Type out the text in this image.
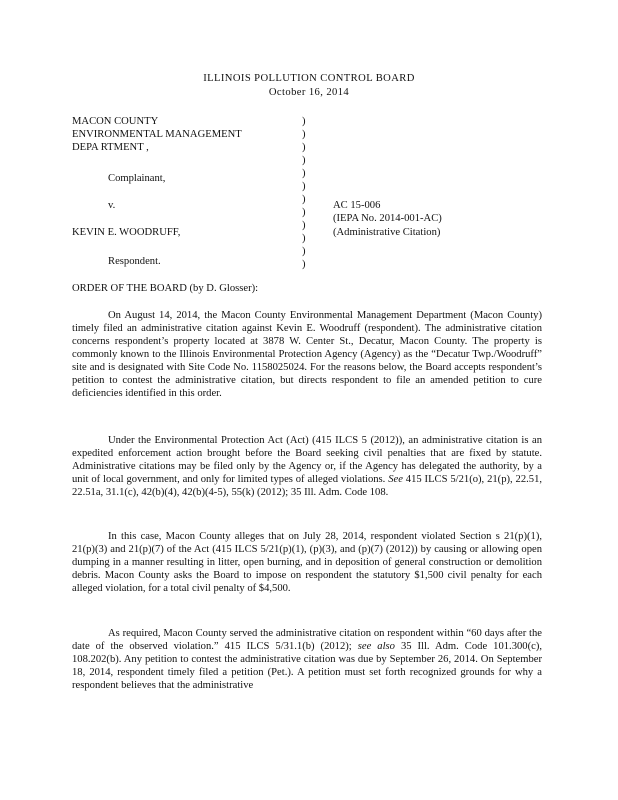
ILLINOIS POLLUTION CONTROL BOARD
October 16, 2014
MACON COUNTY
ENVIRONMENTAL MANAGEMENT
DEPA RTMENT ,
Complainant,
v.
KEVIN E. WOODRUFF,
Respondent.
)
)
)
)
)
)
)
)
)
)
)
)
AC 15-006
(IEPA No. 2014-001-AC)
(Administrative Citation)
ORDER OF THE BOARD (by D. Glosser):

On August 14, 2014, the Macon County Environmental Management Department (Macon County) timely filed an administrative citation against Kevin E. Woodruff (respondent). The administrative citation concerns respondent’s property located at 3878 W. Center St., Decatur, Macon County. The property is commonly known to the Illinois Environmental Protection Agency (Agency) as the “Decatur Twp./Woodruff” site and is designated with Site Code No. 1158025024. For the reasons below, the Board accepts respondent’s petition to contest the administrative citation, but directs respondent to file an amended petition to cure deficiencies identified in this order.

Under the Environmental Protection Act (Act) (415 ILCS 5 (2012)), an administrative citation is an expedited enforcement action brought before the Board seeking civil penalties that are fixed by statute. Administrative citations may be filed only by the Agency or, if the Agency has delegated the authority, by a unit of local government, and only for limited types of alleged violations. See 415 ILCS 5/21(o), 21(p), 22.51, 22.51a, 31.1(c), 42(b)(4), 42(b)(4-5), 55(k) (2012); 35 Ill. Adm. Code 108.

In this case, Macon County alleges that on July 28, 2014, respondent violated Section s 21(p)(1), 21(p)(3) and 21(p)(7) of the Act (415 ILCS 5/21(p)(1), (p)(3), and (p)(7) (2012)) by causing or allowing open dumping in a manner resulting in litter, open burning, and in deposition of general construction or demolition debris. Macon County asks the Board to impose on respondent the statutory $1,500 civil penalty for each alleged violation, for a total civil penalty of $4,500.

As required, Macon County served the administrative citation on respondent within “60 days after the date of the observed violation.” 415 ILCS 5/31.1(b) (2012); see also 35 Ill. Adm. Code 101.300(c), 108.202(b). Any petition to contest the administrative citation was due by September 26, 2014. On September 18, 2014, respondent timely filed a petition (Pet.). A petition must set forth recognized grounds for why a respondent believes that the administrative
